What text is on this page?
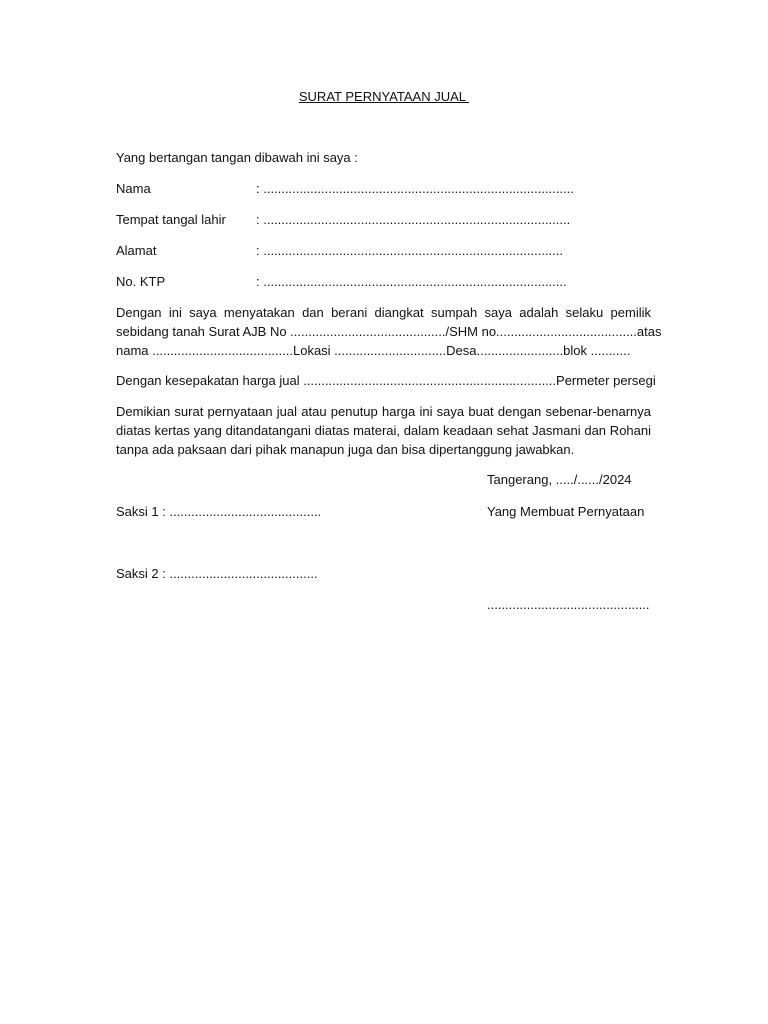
SURAT PERNYATAAN JUAL
Yang bertangan tangan dibawah ini saya :
Nama	: ......................................................................................
Tempat tangal lahir : .....................................................................................
Alamat	: ...................................................................................
No. KTP	: ....................................................................................
Dengan ini saya menyatakan dan berani diangkat sumpah saya adalah selaku pemilik
sebidang tanah Surat AJB No .........................................../SHM no.......................................atas
nama .......................................Lokasi ...............................Desa........................blok ...........
Dengan kesepakatan harga jual ......................................................................Permeter persegi
Demikian surat pernyataan jual atau penutup harga ini saya buat dengan sebenar-benarnya
diatas kertas yang ditandatangani diatas materai, dalam keadaan sehat Jasmani dan Rohani
tanpa ada paksaan dari pihak manapun juga dan bisa dipertanggung jawabkan.
Tangerang, ...../....../2024
Saksi 1 : ..........................................	Yang Membuat Pernyataan
Saksi 2 : .........................................
.............................................
